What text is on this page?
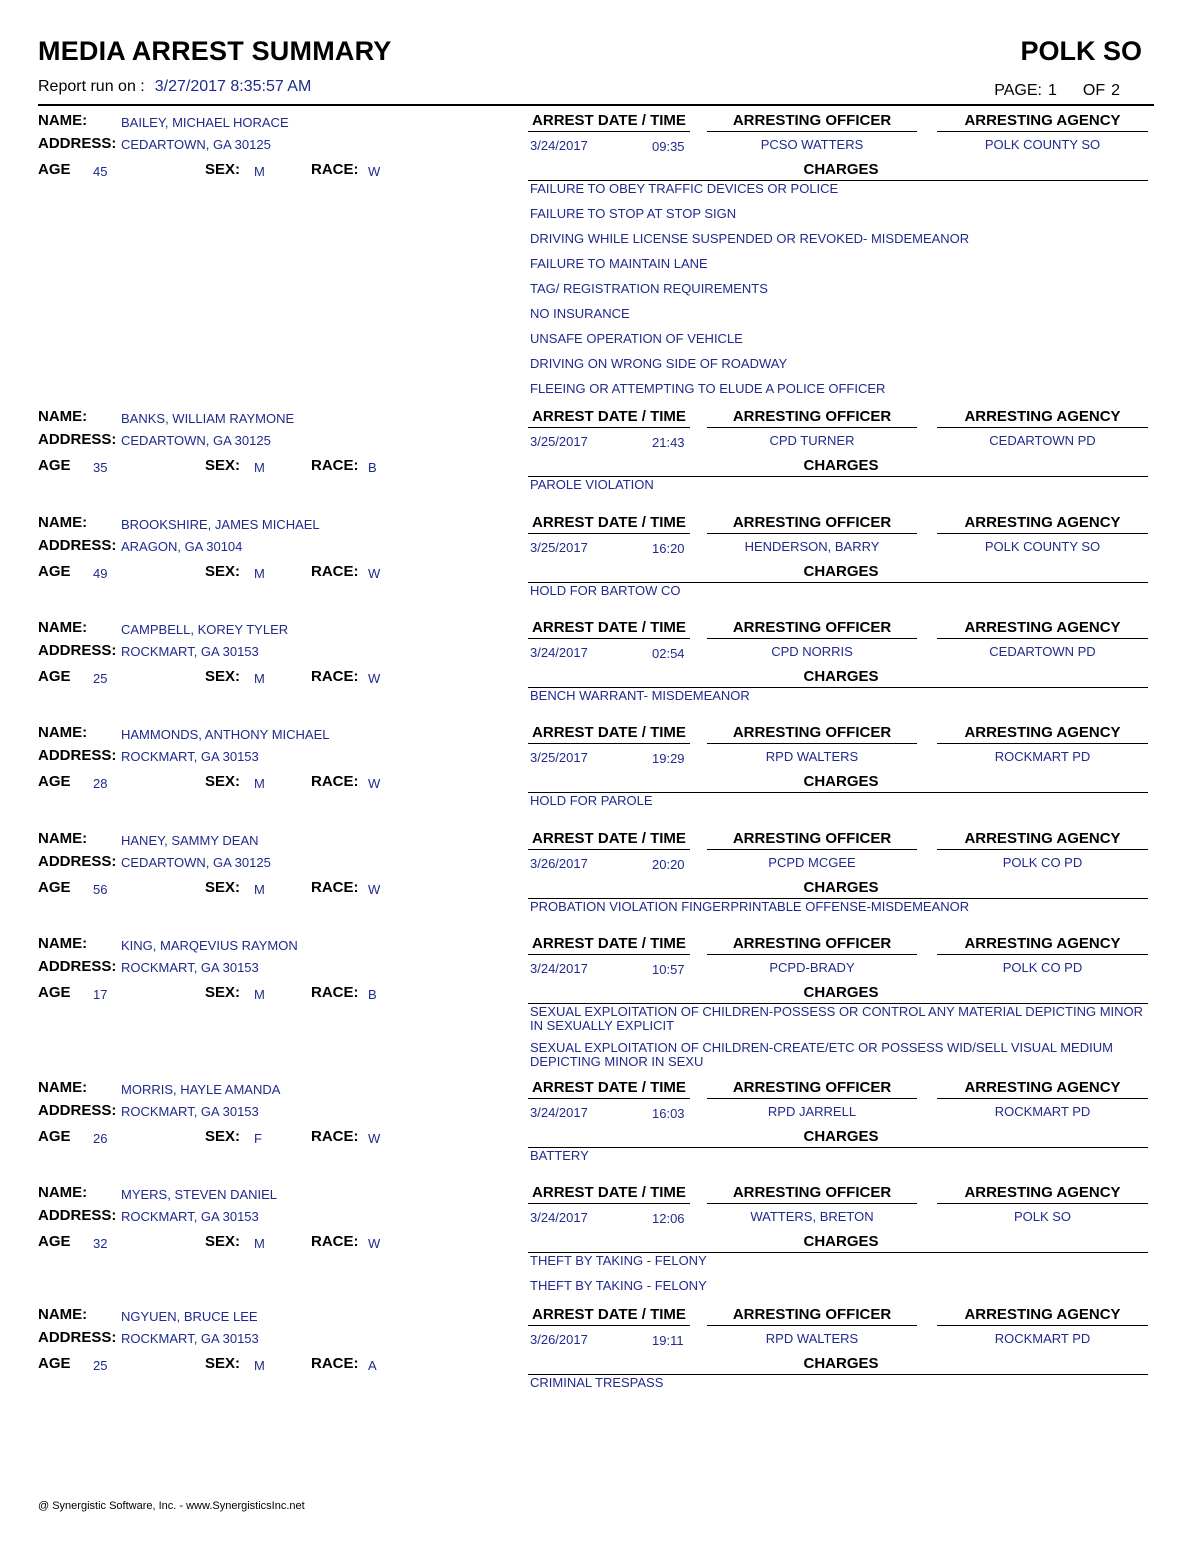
MEDIA ARREST SUMMARY	POLK SO
Report run on : 3/27/2017 8:35:57 AM	PAGE: 1 OF 2
NAME:	BAILEY, MICHAEL HORACE
ADDRESS: CEDARTOWN, GA 30125
AGE 45	SEX: M	RACE: W
ARREST DATE / TIME	ARRESTING OFFICER	ARRESTING AGENCY
3/24/2017	09:35	PCSO WATTERS	POLK COUNTY SO
CHARGES
FAILURE TO OBEY TRAFFIC DEVICES OR POLICE
FAILURE TO STOP AT STOP SIGN
DRIVING WHILE LICENSE SUSPENDED OR REVOKED- MISDEMEANOR
FAILURE TO MAINTAIN LANE
TAG/ REGISTRATION REQUIREMENTS
NO INSURANCE
UNSAFE OPERATION OF VEHICLE
DRIVING ON WRONG SIDE OF ROADWAY
FLEEING OR ATTEMPTING TO ELUDE A POLICE OFFICER
NAME:	BANKS, WILLIAM RAYMONE
ADDRESS: CEDARTOWN, GA 30125
AGE 35	SEX: M	RACE: B
ARREST DATE / TIME	ARRESTING OFFICER	ARRESTING AGENCY
3/25/2017	21:43	CPD TURNER	CEDARTOWN PD
CHARGES
PAROLE VIOLATION
NAME:	BROOKSHIRE, JAMES MICHAEL
ADDRESS: ARAGON, GA 30104
AGE 49	SEX: M	RACE: W
ARREST DATE / TIME	ARRESTING OFFICER	ARRESTING AGENCY
3/25/2017	16:20	HENDERSON, BARRY	POLK COUNTY SO
CHARGES
HOLD FOR BARTOW CO
NAME:	CAMPBELL, KOREY TYLER
ADDRESS: ROCKMART, GA 30153
AGE 25	SEX: M	RACE: W
ARREST DATE / TIME	ARRESTING OFFICER	ARRESTING AGENCY
3/24/2017	02:54	CPD NORRIS	CEDARTOWN PD
CHARGES
BENCH WARRANT- MISDEMEANOR
NAME:	HAMMONDS, ANTHONY MICHAEL
ADDRESS: ROCKMART, GA 30153
AGE 28	SEX: M	RACE: W
ARREST DATE / TIME	ARRESTING OFFICER	ARRESTING AGENCY
3/25/2017	19:29	RPD WALTERS	ROCKMART PD
CHARGES
HOLD FOR PAROLE
NAME:	HANEY, SAMMY DEAN
ADDRESS: CEDARTOWN, GA 30125
AGE 56	SEX: M	RACE: W
ARREST DATE / TIME	ARRESTING OFFICER	ARRESTING AGENCY
3/26/2017	20:20	PCPD MCGEE	POLK CO PD
CHARGES
PROBATION VIOLATION FINGERPRINTABLE OFFENSE-MISDEMEANOR
NAME:	KING, MARQEVIUS RAYMON
ADDRESS: ROCKMART, GA 30153
AGE 17	SEX: M	RACE: B
ARREST DATE / TIME	ARRESTING OFFICER	ARRESTING AGENCY
3/24/2017	10:57	PCPD-BRADY	POLK CO PD
CHARGES
SEXUAL EXPLOITATION OF CHILDREN-POSSESS OR CONTROL ANY MATERIAL DEPICTING MINOR IN SEXUALLY EXPLICIT
SEXUAL EXPLOITATION OF CHILDREN-CREATE/ETC OR POSSESS WID/SELL VISUAL MEDIUM DEPICTING MINOR IN SEXU
NAME:	MORRIS, HAYLE AMANDA
ADDRESS: ROCKMART, GA 30153
AGE 26	SEX: F	RACE: W
ARREST DATE / TIME	ARRESTING OFFICER	ARRESTING AGENCY
3/24/2017	16:03	RPD JARRELL	ROCKMART PD
CHARGES
BATTERY
NAME:	MYERS, STEVEN DANIEL
ADDRESS: ROCKMART, GA 30153
AGE 32	SEX: M	RACE: W
ARREST DATE / TIME	ARRESTING OFFICER	ARRESTING AGENCY
3/24/2017	12:06	WATTERS, BRETON	POLK SO
CHARGES
THEFT BY TAKING - FELONY
THEFT BY TAKING - FELONY
NAME:	NGYUEN, BRUCE LEE
ADDRESS: ROCKMART, GA 30153
AGE 25	SEX: M	RACE: A
ARREST DATE / TIME	ARRESTING OFFICER	ARRESTING AGENCY
3/26/2017	19:11	RPD WALTERS	ROCKMART PD
CHARGES
CRIMINAL TRESPASS
@ Synergistic Software, Inc. - www.SynergisticsInc.net
